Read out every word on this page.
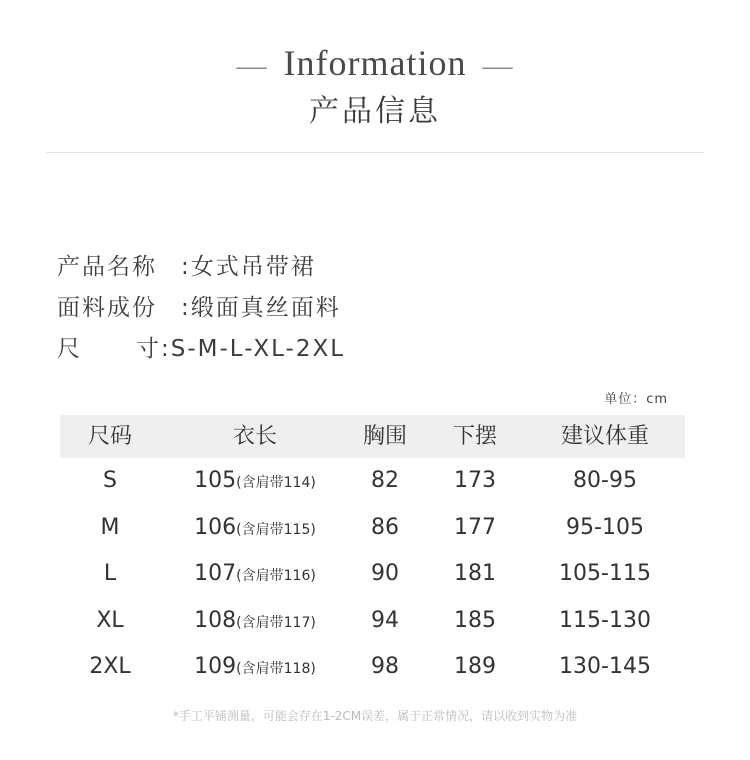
— Information —
产品信息
产品名称 :女式吊带裙
面料成份 :缎面真丝面料
尺寸:S-M-L-XL-2XL
单位：cm
尺码	衣长	胸围	下摆	建议体重
S	105(含肩带114)	82	173	80-95
M	106(含肩带115)	86	177	95-105
L	107(含肩带116)	90	181	105-115
XL	108(含肩带117)	94	185	115-130
2XL	109(含肩带118)	98	189	130-145
*手工平铺测量，可能会存在1-2CM误差，属于正常情况，请以收到实物为准
